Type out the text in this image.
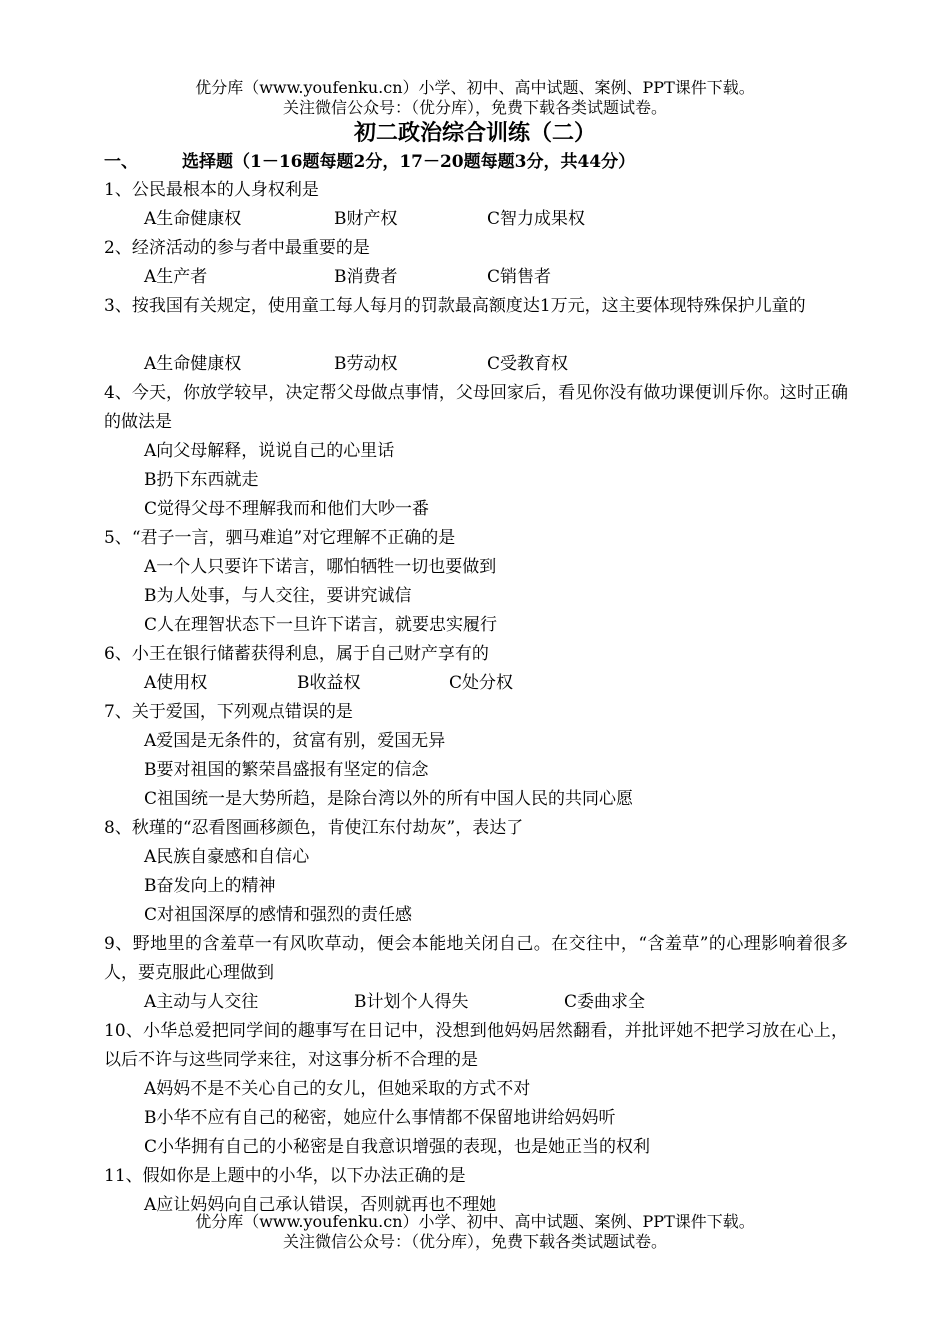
优分库（www.youfenku.cn）小学、初中、高中试题、案例、PPT课件下载。
关注微信公众号：（优分库），免费下载各类试题试卷。
初二政治综合训练（二）
一、	选择题（1－16题每题2分，17－20题每题3分，共44分）
1、公民最根本的人身权利是
A生命健康权	B财产权	C智力成果权
2、经济活动的参与者中最重要的是
A生产者	B消费者	C销售者
3、按我国有关规定，使用童工每人每月的罚款最高额度达1万元，这主要体现特殊保护儿童的
A生命健康权	B劳动权	C受教育权
4、今天，你放学较早，决定帮父母做点事情，父母回家后，看见你没有做功课便训斥你。这时正确的做法是
A向父母解释，说说自己的心里话
B扔下东西就走
C觉得父母不理解我而和他们大吵一番
5、“君子一言，驷马难追”对它理解不正确的是
A一个人只要许下诺言，哪怕牺牲一切也要做到
B为人处事，与人交往，要讲究诚信
C人在理智状态下一旦许下诺言，就要忠实履行
6、小王在银行储蓄获得利息，属于自己财产享有的
A使用权	B收益权	C处分权
7、关于爱国，下列观点错误的是
A爱国是无条件的，贫富有别，爱国无异
B要对祖国的繁荣昌盛报有坚定的信念
C祖国统一是大势所趋，是除台湾以外的所有中国人民的共同心愿
8、秋瑾的“忍看图画移颜色，肯使江东付劫灰”，表达了
A民族自豪感和自信心
B奋发向上的精神
C对祖国深厚的感情和强烈的责任感
9、野地里的含羞草一有风吹草动，便会本能地关闭自己。在交往中，“含羞草”的心理影响着很多人，要克服此心理做到
A主动与人交往	B计划个人得失	C委曲求全
10、小华总爱把同学间的趣事写在日记中，没想到他妈妈居然翻看，并批评她不把学习放在心上，以后不许与这些同学来往，对这事分析不合理的是
A妈妈不是不关心自己的女儿，但她采取的方式不对
B小华不应有自己的秘密，她应什么事情都不保留地讲给妈妈听
C小华拥有自己的小秘密是自我意识增强的表现，也是她正当的权利
11、假如你是上题中的小华，以下办法正确的是
A应让妈妈向自己承认错误，否则就再也不理她
优分库（www.youfenku.cn）小学、初中、高中试题、案例、PPT课件下载。
关注微信公众号：（优分库），免费下载各类试题试卷。
